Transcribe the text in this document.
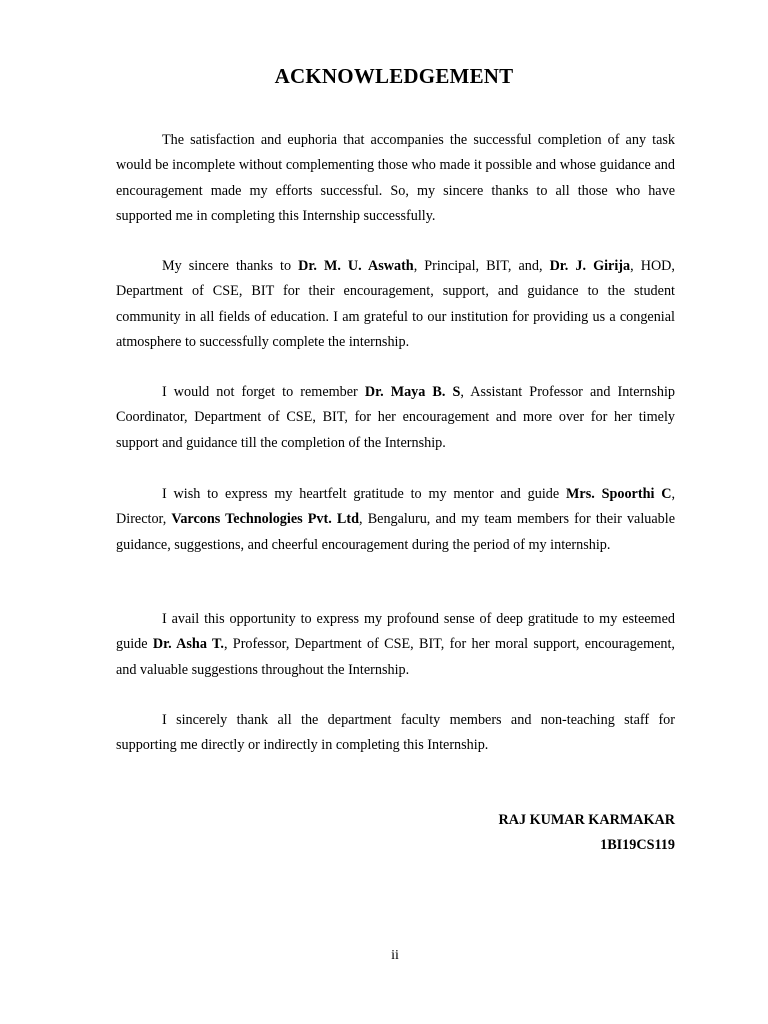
ACKNOWLEDGEMENT

The satisfaction and euphoria that accompanies the successful completion of any task would be incomplete without complementing those who made it possible and whose guidance and encouragement made my efforts successful. So, my sincere thanks to all those who have supported me in completing this Internship successfully.

My sincere thanks to Dr. M. U. Aswath, Principal, BIT, and, Dr. J. Girija, HOD, Department of CSE, BIT for their encouragement, support, and guidance to the student community in all fields of education. I am grateful to our institution for providing us a congenial atmosphere to successfully complete the internship.

I would not forget to remember Dr. Maya B. S, Assistant Professor and Internship Coordinator, Department of CSE, BIT, for her encouragement and more over for her timely support and guidance till the completion of the Internship.

I wish to express my heartfelt gratitude to my mentor and guide Mrs. Spoorthi C, Director, Varcons Technologies Pvt. Ltd, Bengaluru, and my team members for their valuable guidance, suggestions, and cheerful encouragement during the period of my internship.

I avail this opportunity to express my profound sense of deep gratitude to my esteemed guide Dr. Asha T., Professor, Department of CSE, BIT, for her moral support, encouragement, and valuable suggestions throughout the Internship.

I sincerely thank all the department faculty members and non-teaching staff for supporting me directly or indirectly in completing this Internship.

RAJ KUMAR KARMAKAR
1BI19CS119
ii
